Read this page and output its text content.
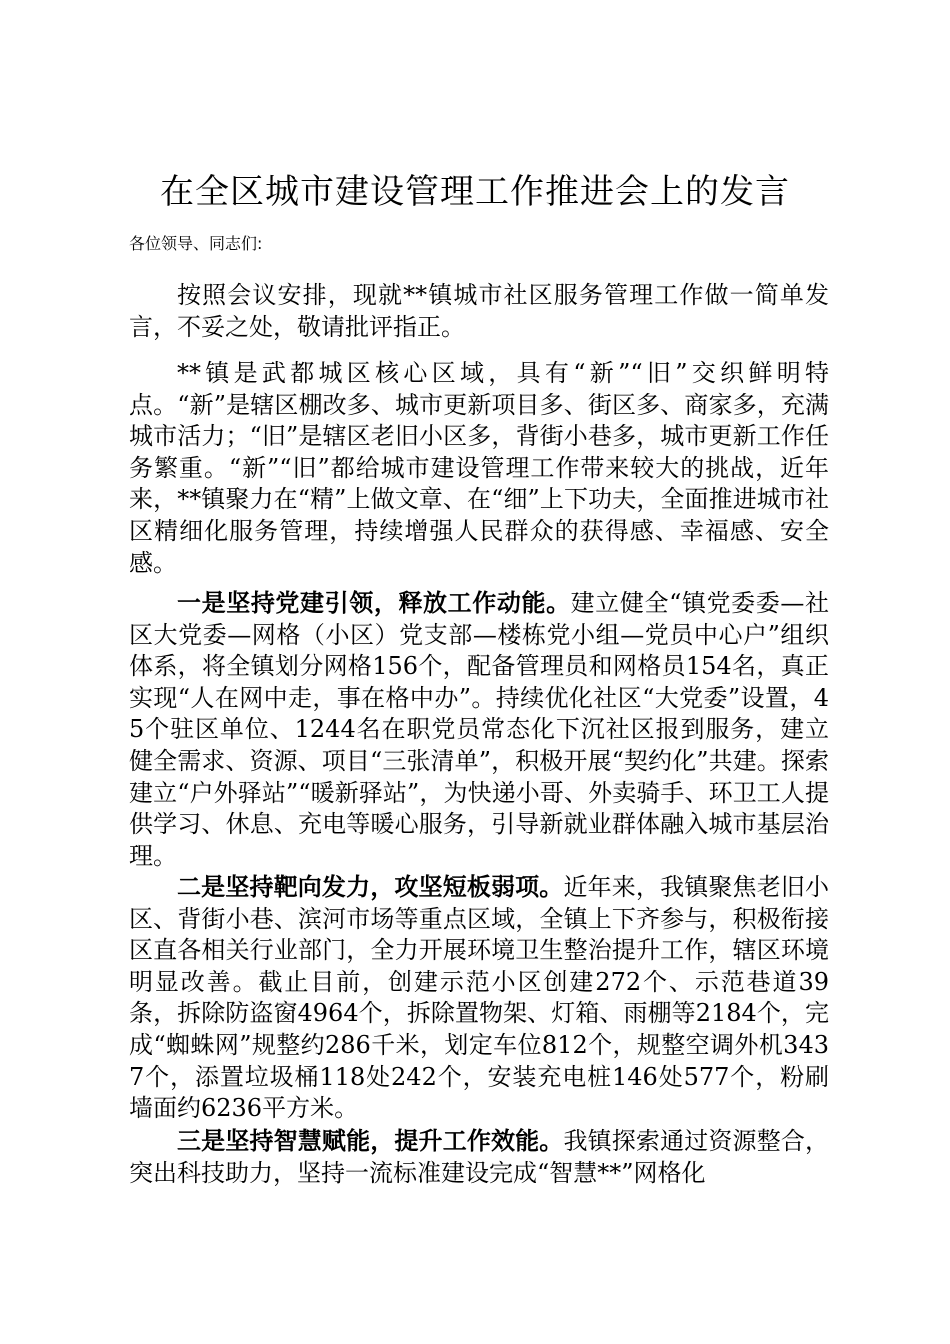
在全区城市建设管理工作推进会上的发言

各位领导、同志们:

按照会议安排，现就**镇城市社区服务管理工作做一简单发言，不妥之处，敬请批评指正。

**镇是武都城区核心区域，具有“新”“旧”交织鲜明特点。“新”是辖区棚改多、城市更新项目多、街区多、商家多，充满城市活力；“旧”是辖区老旧小区多，背街小巷多，城市更新工作任务繁重。“新”“旧”都给城市建设管理工作带来较大的挑战，近年来，**镇聚力在“精”上做文章、在“细”上下功夫，全面推进城市社区精细化服务管理，持续增强人民群众的获得感、幸福感、安全感。

一是坚持党建引领，释放工作动能。建立健全“镇党委委—社区大党委—网格（小区）党支部—楼栋党小组—党员中心户”组织体系，将全镇划分网格156个，配备管理员和网格员154名，真正实现“人在网中走，事在格中办”。持续优化社区“大党委”设置，45个驻区单位、1244名在职党员常态化下沉社区报到服务，建立健全需求、资源、项目“三张清单”，积极开展“契约化”共建。探索建立“户外驿站”“暖新驿站”，为快递小哥、外卖骑手、环卫工人提供学习、休息、充电等暖心服务，引导新就业群体融入城市基层治理。

二是坚持靶向发力，攻坚短板弱项。近年来，我镇聚焦老旧小区、背街小巷、滨河市场等重点区域，全镇上下齐参与，积极衔接区直各相关行业部门，全力开展环境卫生整治提升工作，辖区环境明显改善。截止目前，创建示范小区创建272个、示范巷道39条，拆除防盗窗4964个，拆除置物架、灯箱、雨棚等2184个，完成“蜘蛛网”规整约286千米，划定车位812个，规整空调外机3437个，添置垃圾桶118处242个，安装充电桩146处577个，粉刷墙面约6236平方米。

三是坚持智慧赋能，提升工作效能。我镇探索通过资源整合，突出科技助力，坚持一流标准建设完成“智慧**”网格化
